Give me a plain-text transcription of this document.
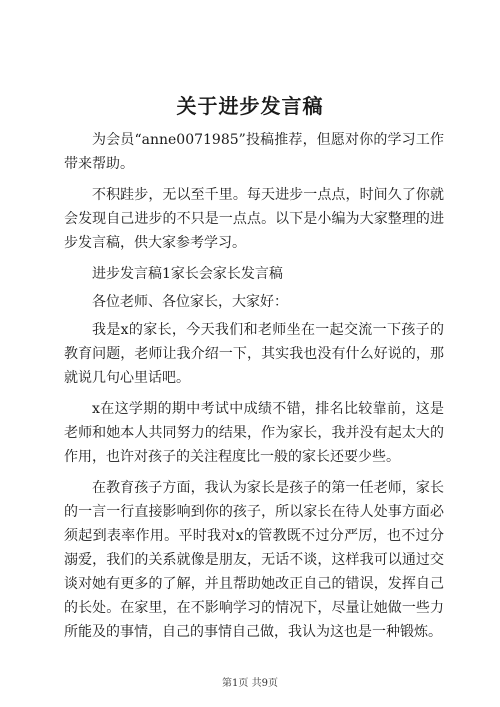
关于进步发言稿

为会员“anne0071985”投稿推荐，但愿对你的学习工作带来帮助。

不积跬步，无以至千里。每天进步一点点，时间久了你就会发现自己进步的不只是一点点。以下是小编为大家整理的进步发言稿，供大家参考学习。

进步发言稿1家长会家长发言稿

各位老师、各位家长，大家好：

我是x的家长，今天我们和老师坐在一起交流一下孩子的教育问题，老师让我介绍一下，其实我也没有什么好说的，那就说几句心里话吧。

x在这学期的期中考试中成绩不错，排名比较靠前，这是老师和她本人共同努力的结果，作为家长，我并没有起太大的作用，也许对孩子的关注程度比一般的家长还要少些。

在教育孩子方面，我认为家长是孩子的第一任老师，家长的一言一行直接影响到你的孩子，所以家长在待人处事方面必须起到表率作用。平时我对x的管教既不过分严厉，也不过分溺爱，我们的关系就像是朋友，无话不谈，这样我可以通过交谈对她有更多的了解，并且帮助她改正自己的错误，发挥自己的长处。在家里，在不影响学习的情况下，尽量让她做一些力所能及的事情，自己的事情自己做，我认为这也是一种锻炼。

第1页 共9页
